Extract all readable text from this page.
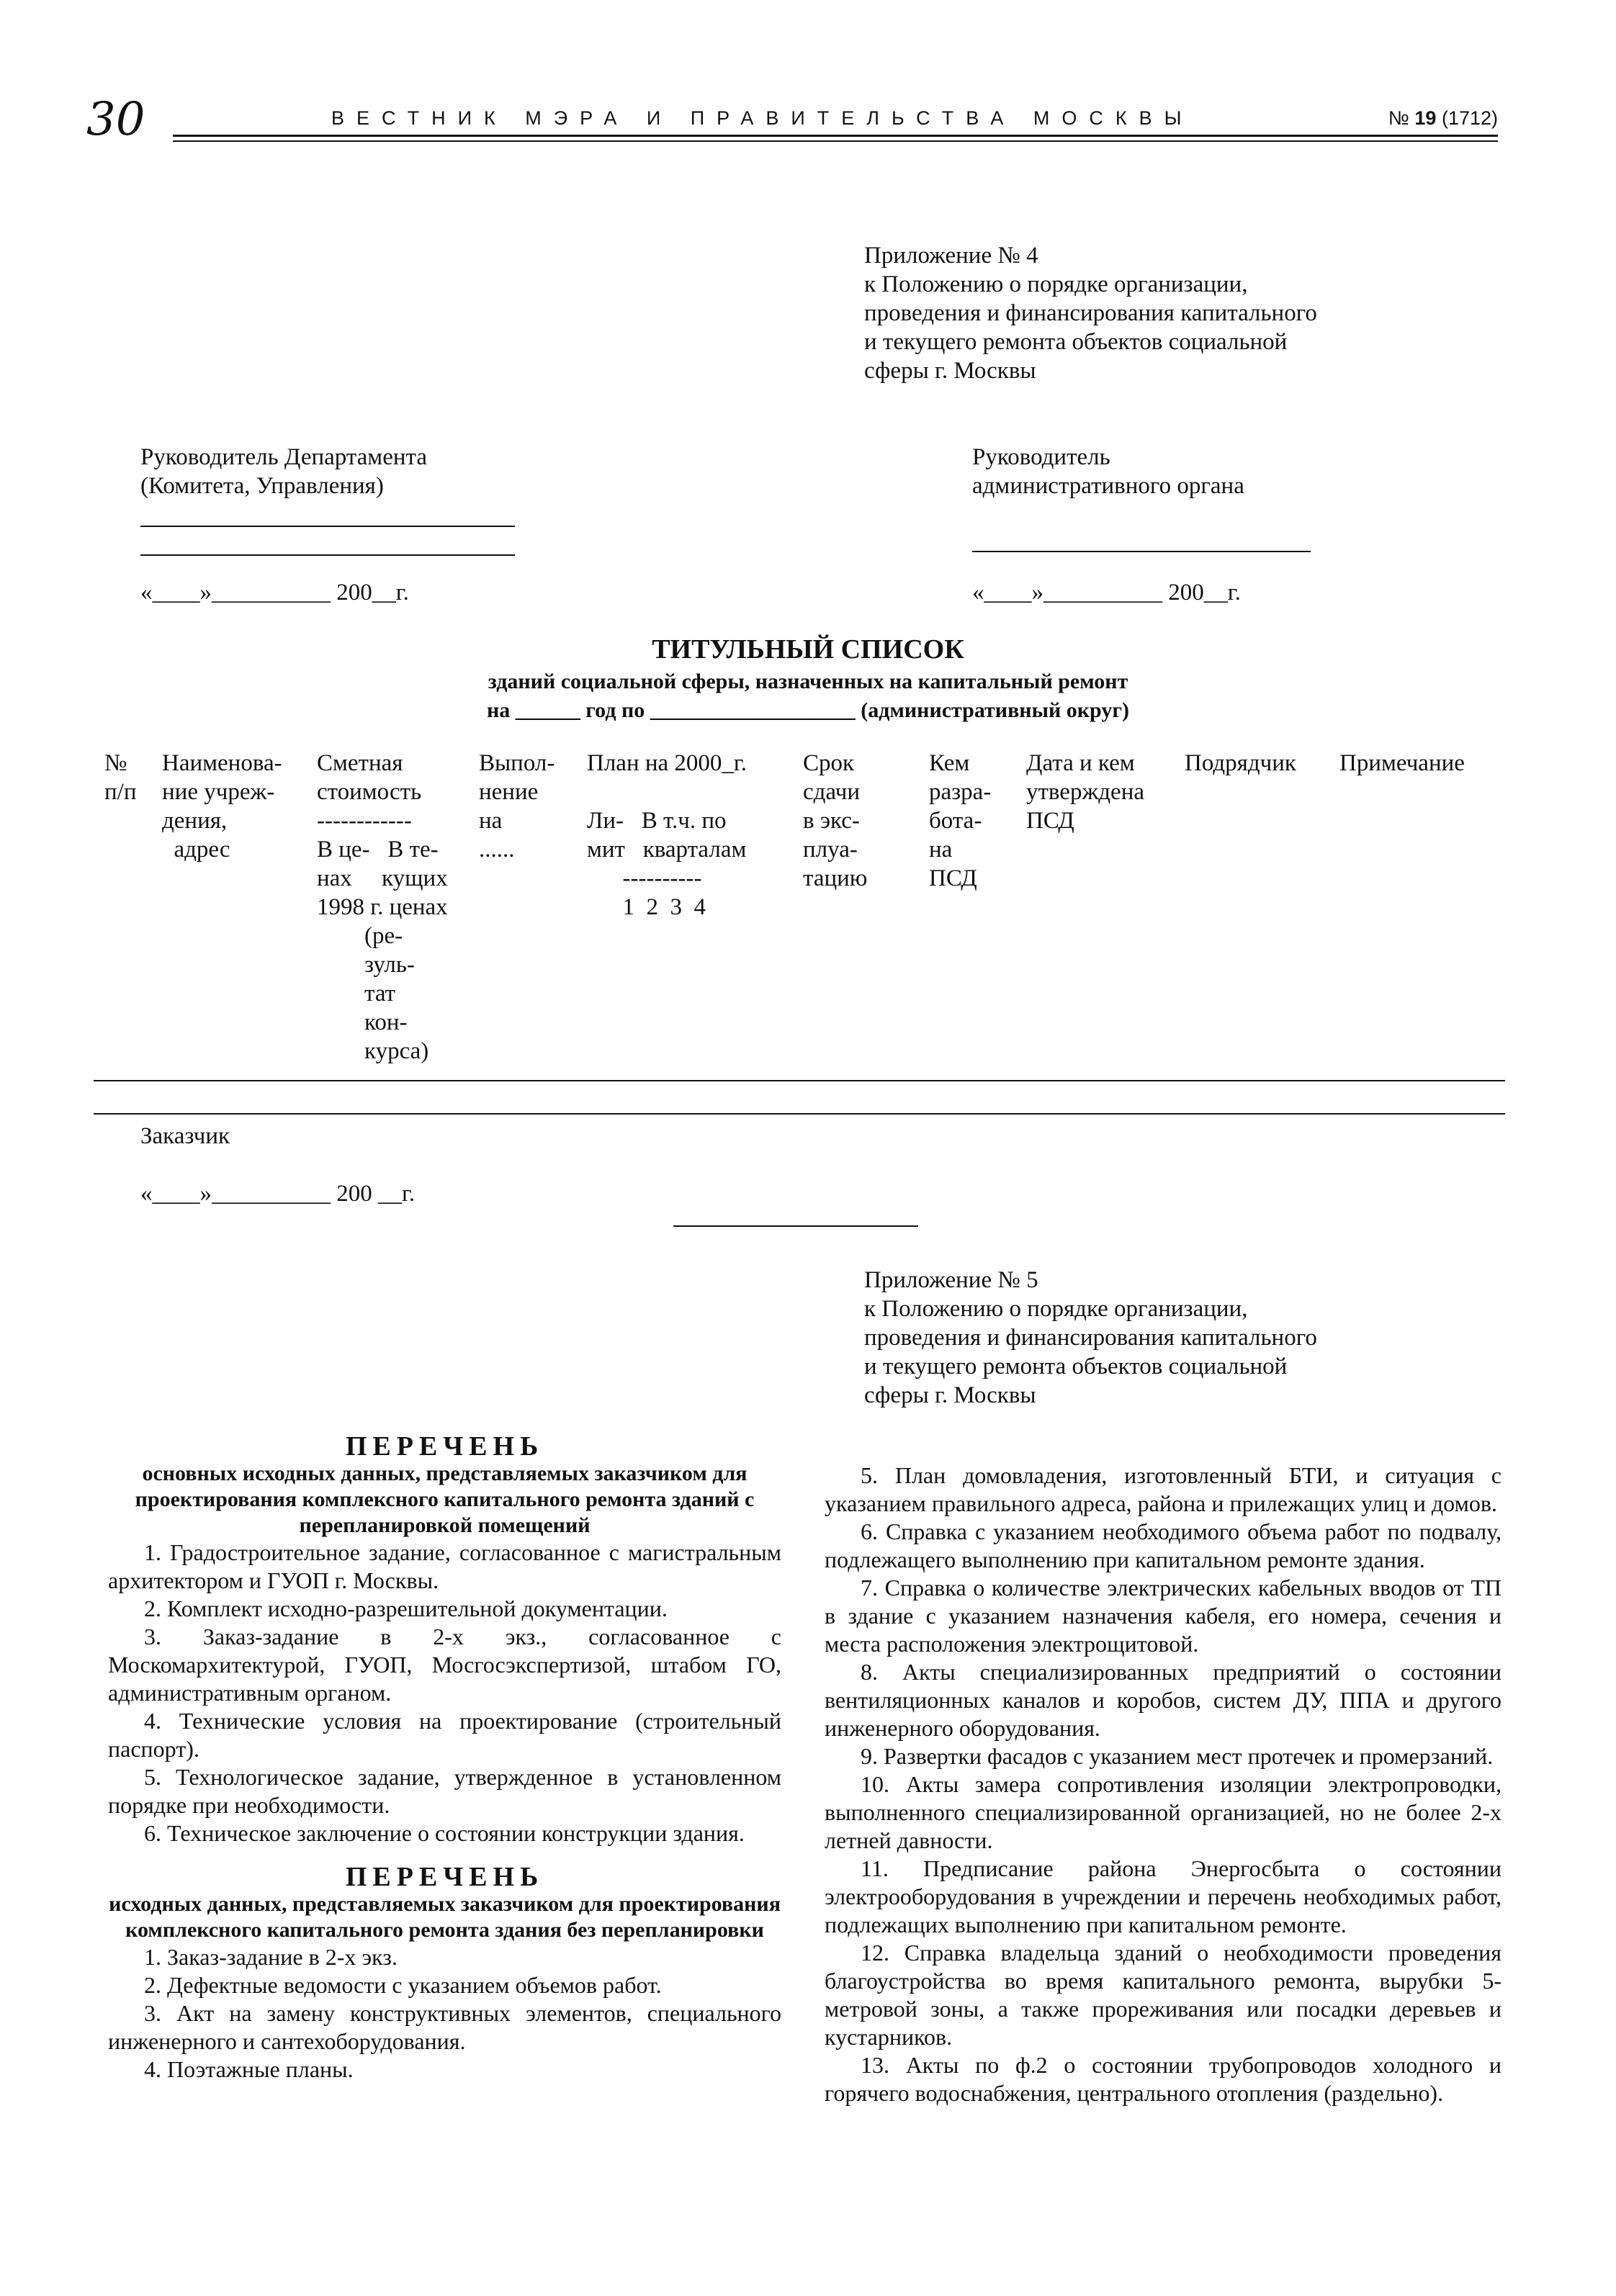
30	ВЕСТНИК МЭРА И ПРАВИТЕЛЬСТВА МОСКВЫ	№ 19 (1712)
Приложение № 4
к Положению о порядке организации,
проведения и финансирования капитального
и текущего ремонта объектов социальной
сферы г. Москвы
Руководитель Департамента
(Комитета, Управления)
«____»__________ 200__г.
Руководитель
административного органа
«____»__________ 200__г.
ТИТУЛЬНЫЙ СПИСОК
зданий социальной сферы, назначенных на капитальный ремонт
на ______ год по ___________________ (административный округ)
№
п/п
Наименова-
ние учреж-
дения,
адрес
Сметная
стоимость
------------
В це-   В те-
нах     кущих
1998 г. ценах
(ре-
зуль-
тат
кон-
курса)
Выпол-
нение
на
......
План на 2000_г.

Ли-   В т.ч. по
мит   кварталам
----------
1  2  3  4
Срок
сдачи
в экс-
плуа-
тацию
Кем
разра-
бота-
на
ПСД
Дата и кем
утверждена
ПСД
Подрядчик Примечание
Заказчик
«____»__________ 200 __г.
Приложение № 5
к Положению о порядке организации,
проведения и финансирования капитального
и текущего ремонта объектов социальной
сферы г. Москвы
ПЕРЕЧЕНЬ
основных исходных данных, представляемых заказчиком для проектирования комплексного капитального ремонта зданий с перепланировкой помещений

1. Градостроительное задание, согласованное с магистральным архитектором и ГУОП г. Москвы.

2. Комплект исходно-разрешительной документации.

3. Заказ-задание в 2-х экз., согласованное с Москомархитектурой, ГУОП, Мосгосэкспертизой, штабом ГО, административным органом.

4. Технические условия на проектирование (строительный паспорт).

5. Технологическое задание, утвержденное в установленном порядке при необходимости.

6. Техническое заключение о состоянии конструкции здания.

ПЕРЕЧЕНЬ
исходных данных, представляемых заказчиком для проектирования комплексного капитального ремонта здания без перепланировки

1. Заказ-задание в 2-х экз.

2. Дефектные ведомости с указанием объемов работ.

3. Акт на замену конструктивных элементов, специального инженерного и сантехоборудования.

4. Поэтажные планы.

5. План домовладения, изготовленный БТИ, и ситуация с указанием правильного адреса, района и прилежащих улиц и домов.

6. Справка с указанием необходимого объема работ по подвалу, подлежащего выполнению при капитальном ремонте здания.

7. Справка о количестве электрических кабельных вводов от ТП в здание с указанием назначения кабеля, его номера, сечения и места расположения электрощитовой.

8. Акты специализированных предприятий о состоянии вентиляционных каналов и коробов, систем ДУ, ППА и другого инженерного оборудования.

9. Развертки фасадов с указанием мест протечек и промерзаний.

10. Акты замера сопротивления изоляции электропроводки, выполненного специализированной организацией, но не более 2-х летней давности.

11. Предписание района Энергосбыта о состоянии электрооборудования в учреждении и перечень необходимых работ, подлежащих выполнению при капитальном ремонте.

12. Справка владельца зданий о необходимости проведения благоустройства во время капитального ремонта, вырубки 5-метровой зоны, а также прореживания или посадки деревьев и кустарников.

13. Акты по ф.2 о состоянии трубопроводов холодного и горячего водоснабжения, центрального отопления (раздельно).
